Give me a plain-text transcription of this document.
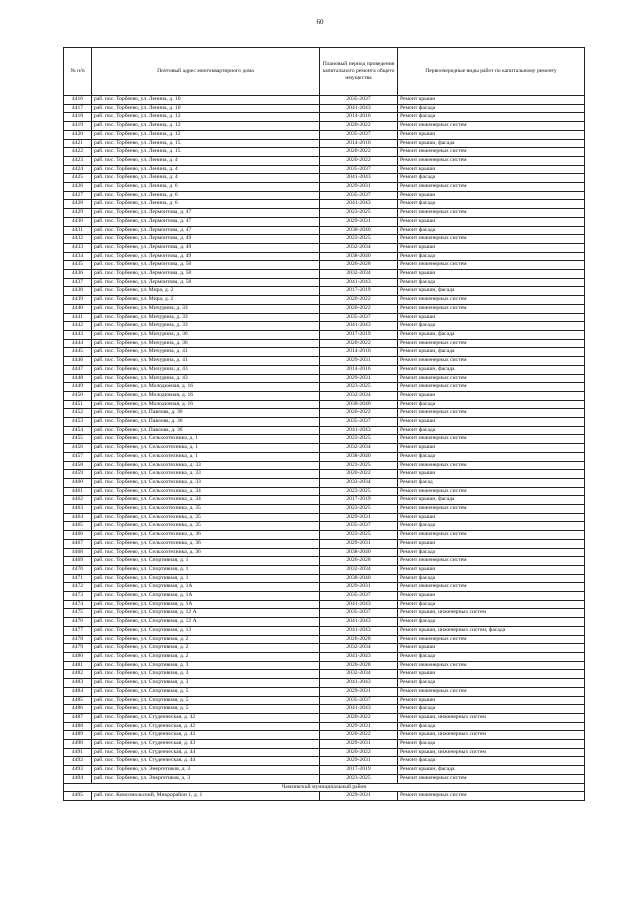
60
№ п/п	Почтовый адрес многоквартирного дома	Плановый период проведения капитального ремонта общего имущества	Первоочередные виды работ по капитальному ремонту
4416	раб. пос. Торбеево, ул. Ленина, д. 10	2035-2037	Ремонт крыши
4417	раб. пос. Торбеево, ул. Ленина, д. 10	2041-2043	Ремонт фасада
4418	раб. пос. Торбеево, ул. Ленина, д. 12	2014-2016	Ремонт фасада
4419	раб. пос. Торбеево, ул. Ленина, д. 12	2020-2022	Ремонт инженерных систем
4420	раб. пос. Торбеево, ул. Ленина, д. 12	2035-2037	Ремонт крыши
4421	раб. пос. Торбеево, ул. Ленина, д. 15	2014-2016	Ремонт крыши, фасада
4422	раб. пос. Торбеево, ул. Ленина, д. 15	2020-2022	Ремонт инженерных систем
4423	раб. пос. Торбеево, ул. Ленина, д. 4	2020-2022	Ремонт инженерных систем
4424	раб. пос. Торбеево, ул. Ленина, д. 4	2035-2037	Ремонт крыши
4425	раб. пос. Торбеево, ул. Ленина, д. 4	2041-2043	Ремонт фасада
4426	раб. пос. Торбеево, ул. Ленина, д. 6	2029-2031	Ремонт инженерных систем
4427	раб. пос. Торбеево, ул. Ленина, д. 6	2035-2037	Ремонт крыши
4428	раб. пос. Торбеево, ул. Ленина, д. 6	2041-2043	Ремонт фасада
4429	раб. пос. Торбеево, ул. Лермонтова, д. 47	2023-2025	Ремонт инженерных систем
4430	раб. пос. Торбеево, ул. Лермонтова, д. 47	2029-2031	Ремонт крыши
4431	раб. пос. Торбеево, ул. Лермонтова, д. 47	2038-2040	Ремонт фасада
4432	раб. пос. Торбеево, ул. Лермонтова, д. 49	2023-2025	Ремонт инженерных систем
4433	раб. пос. Торбеево, ул. Лермонтова, д. 49	2032-2034	Ремонт крыши
4434	раб. пос. Торбеево, ул. Лермонтова, д. 49	2038-2040	Ремонт фасада
4435	раб. пос. Торбеево, ул. Лермонтова, д. 50	2026-2028	Ремонт инженерных систем
4436	раб. пос. Торбеево, ул. Лермонтова, д. 50	2032-2034	Ремонт крыши
4437	раб. пос. Торбеево, ул. Лермонтова, д. 50	2041-2043	Ремонт фасада
4438	раб. пос. Торбеево, ул. Мира, д. 2	2017-2019	Ремонт крыши, фасада
4439	раб. пос. Торбеево, ул. Мира, д. 2	2020-2022	Ремонт инженерных систем
4440	раб. пос. Торбеево, ул. Мичурина, д. 33	2020-2022	Ремонт инженерных систем
4441	раб. пос. Торбеево, ул. Мичурина, д. 33	2035-2037	Ремонт крыши
4442	раб. пос. Торбеево, ул. Мичурина, д. 33	2041-2043	Ремонт фасада
4443	раб. пос. Торбеево, ул. Мичурина, д. 36	2017-2019	Ремонт крыши, фасада
4444	раб. пос. Торбеево, ул. Мичурина, д. 36	2020-2022	Ремонт инженерных систем
4445	раб. пос. Торбеево, ул. Мичурина, д. 41	2014-2016	Ремонт крыши, фасада
4446	раб. пос. Торбеево, ул. Мичурина, д. 41	2029-2031	Ремонт инженерных систем
4447	раб. пос. Торбеево, ул. Мичурина, д. 43	2014-2016	Ремонт крыши, фасада
4448	раб. пос. Торбеево, ул. Мичурина, д. 43	2029-2031	Ремонт инженерных систем
4449	раб. пос. Торбеево, ул. Молодежная, д. 16	2023-2025	Ремонт инженерных систем
4450	раб. пос. Торбеево, ул. Молодежная, д. 16	2032-2034	Ремонт крыши
4451	раб. пос. Торбеево, ул. Молодежная, д. 16	2038-2040	Ремонт фасада
4452	раб. пос. Торбеево, ул. Павлова, д. 36	2020-2022	Ремонт инженерных систем
4453	раб. пос. Торбеево, ул. Павлова, д. 36	2035-2037	Ремонт крыши
4454	раб. пос. Торбеево, ул. Павлова, д. 36	2041-2043	Ремонт фасада
4455	раб. пос. Торбеево, ул. Сельхозтехника, д. 1	2023-2025	Ремонт инженерных систем
4456	раб. пос. Торбеево, ул. Сельхозтехника, д. 1	2032-2034	Ремонт крыши
4457	раб. пос. Торбеево, ул. Сельхозтехника, д. 1	2038-2040	Ремонт фасада
4458	раб. пос. Торбеево, ул. Сельхозтехника, д. 33	2023-2025	Ремонт инженерных систем
4459	раб. пос. Торбеево, ул. Сельхозтехника, д. 33	2020-2022	Ремонт крыши
4460	раб. пос. Торбеево, ул. Сельхозтехника, д. 33	2032-2034	Ремонт фасад
4461	раб. пос. Торбеево, ул. Сельхозтехника, д. 34	2023-2025	Ремонт инженерных систем
4462	раб. пос. Торбеево, ул. Сельхозтехника, д. 34	2017-2019	Ремонт крыши, фасада
4463	раб. пос. Торбеево, ул. Сельхозтехника, д. 35	2023-2025	Ремонт инженерных систем
4464	раб. пос. Торбеево, ул. Сельхозтехника, д. 35	2029-2031	Ремонт крыши
4465	раб. пос. Торбеево, ул. Сельхозтехника, д. 35	2035-2037	Ремонт фасада
4466	раб. пос. Торбеево, ул. Сельхозтехника, д. 36	2023-2025	Ремонт инженерных систем
4467	раб. пос. Торбеево, ул. Сельхозтехника, д. 36	2029-2031	Ремонт крыши
4468	раб. пос. Торбеево, ул. Сельхозтехника, д. 36	2038-2040	Ремонт фасада
4469	раб. пос. Торбеево, ул. Спортивная, д. 1	2026-2028	Ремонт инженерных систем
4470	раб. пос. Торбеево, ул. Спортивная, д. 1	2032-2034	Ремонт крыши
4471	раб. пос. Торбеево, ул. Спортивная, д. 1	2038-2040	Ремонт фасада
4472	раб. пос. Торбеево, ул. Спортивная, д. 1А	2029-2031	Ремонт инженерных систем
4473	раб. пос. Торбеево, ул. Спортивная, д. 1А	2035-2037	Ремонт крыши
4474	раб. пос. Торбеево, ул. Спортивная, д. 1А	2041-2043	Ремонт фасада
4475	раб. пос. Торбеево, ул. Спортивная, д. 12 А	2035-2037	Ремонт крыши, инженерных систем
4476	раб. пос. Торбеево, ул. Спортивная, д. 12 А	2041-2043	Ремонт фасада
4477	раб. пос. Торбеево, ул. Спортивная, д. 13	2041-2043	Ремонт крыши, инженерных систем, фасада
4478	раб. пос. Торбеево, ул. Спортивная, д. 2	2026-2028	Ремонт инженерных систем
4479	раб. пос. Торбеево, ул. Спортивная, д. 2	2032-2034	Ремонт крыши
4480	раб. пос. Торбеево, ул. Спортивная, д. 2	2041-2043	Ремонт фасада
4481	раб. пос. Торбеево, ул. Спортивная, д. 3	2026-2028	Ремонт инженерных систем
4482	раб. пос. Торбеево, ул. Спортивная, д. 3	2032-2034	Ремонт крыши
4483	раб. пос. Торбеево, ул. Спортивная, д. 3	2041-2043	Ремонт фасада
4484	раб. пос. Торбеево, ул. Спортивная, д. 5	2029-2031	Ремонт инженерных систем
4485	раб. пос. Торбеево, ул. Спортивная, д. 5	2035-2037	Ремонт крыши
4486	раб. пос. Торбеево, ул. Спортивная, д. 5	2041-2043	Ремонт фасада
4487	раб. пос. Торбеево, ул. Студенческая, д. 42	2020-2022	Ремонт крыши, инженерных систем
4488	раб. пос. Торбеево, ул. Студенческая, д. 42	2029-2031	Ремонт фасада
4489	раб. пос. Торбеево, ул. Студенческая, д. 43	2020-2022	Ремонт крыши, инженерных систем
4490	раб. пос. Торбеево, ул. Студенческая, д. 43	2029-2031	Ремонт фасада
4491	раб. пос. Торбеево, ул. Студенческая, д. 44	2020-2022	Ремонт крыши, инженерных систем
4492	раб. пос. Торбеево, ул. Студенческая, д. 44	2029-2031	Ремонт фасада
4493	раб. пос. Торбеево, ул. Энергетиков, д. 3	2017-2019	Ремонт крыши, фасада
4494	раб. пос. Торбеево, ул. Энергетиков, д. 3	2023-2025	Ремонт инженерных систем
Чамзинский муниципальный район			
4495	раб. пос. Комсомольский, Микрорайон 1, д. 1	2029-2031	Ремонт инженерных систем
